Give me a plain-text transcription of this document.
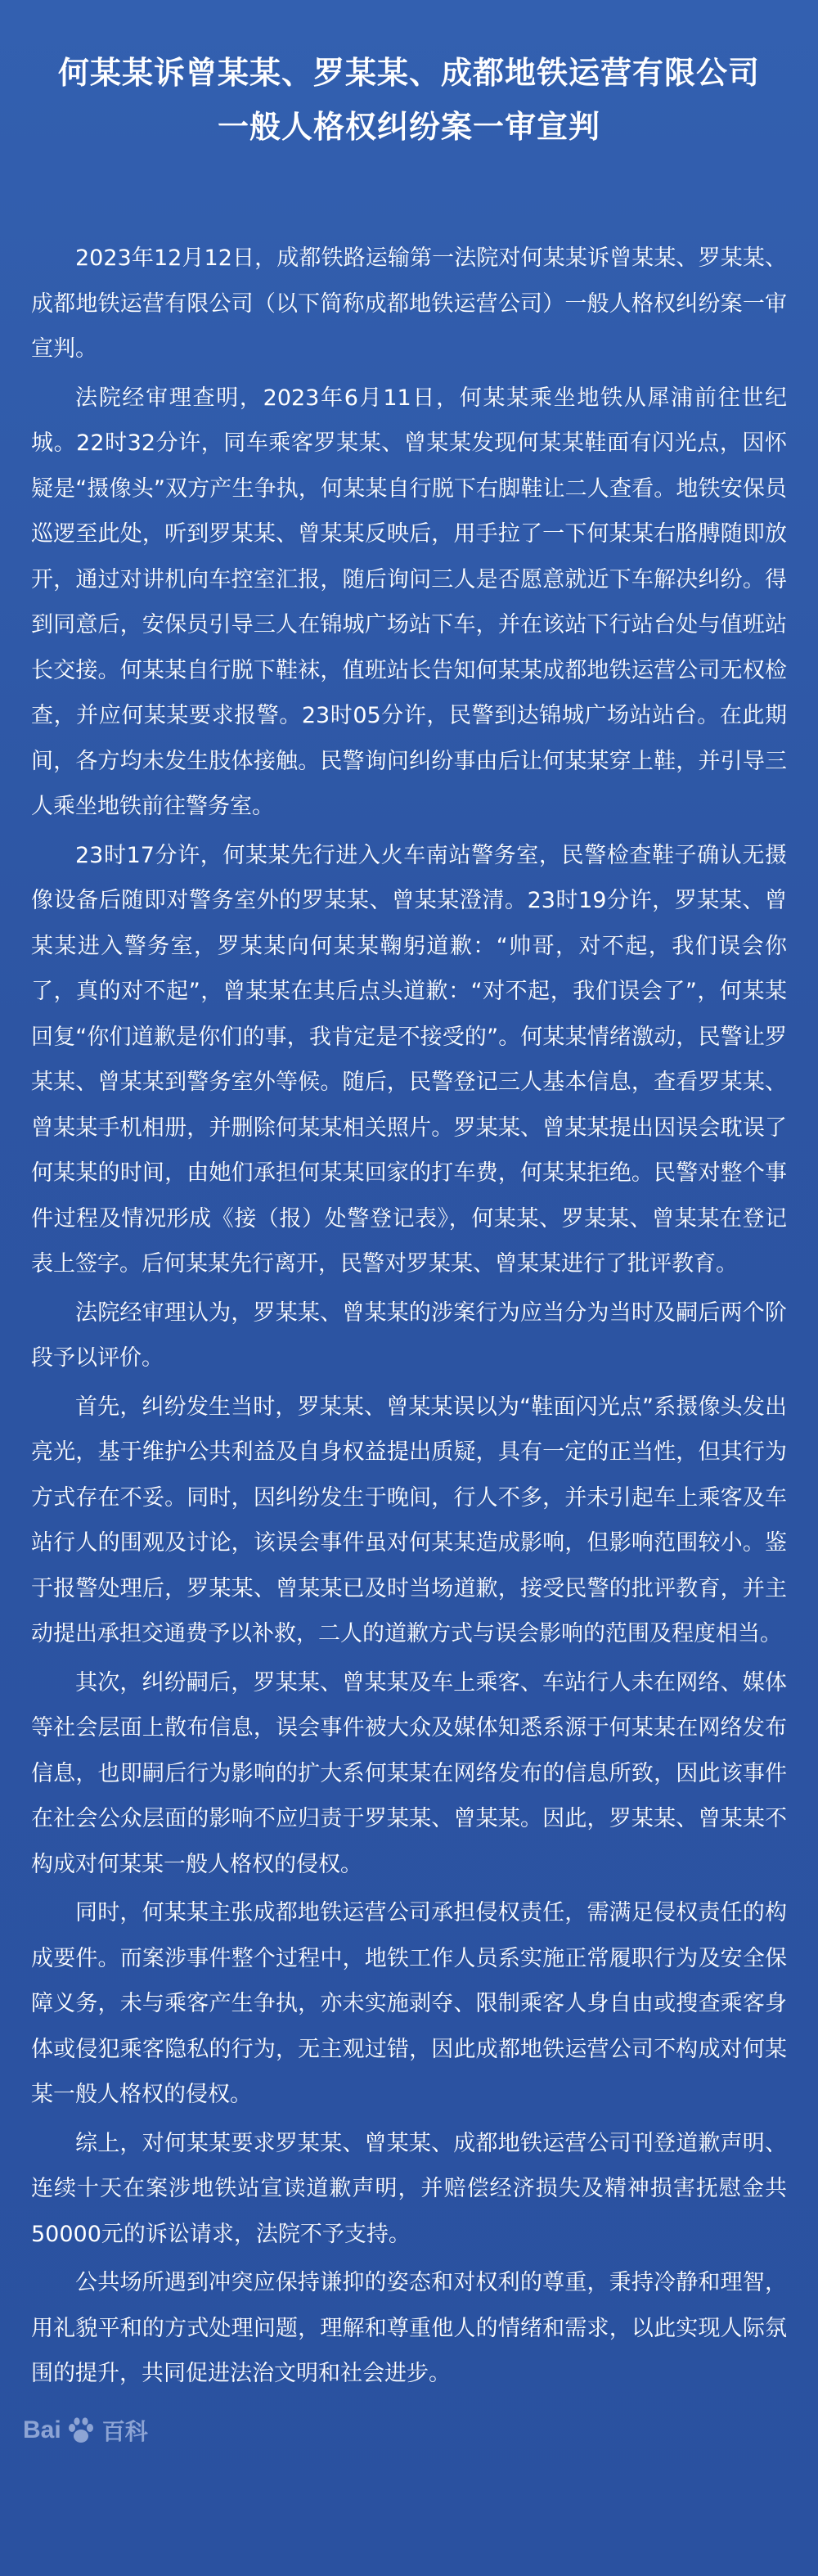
何某某诉曾某某、罗某某、成都地铁运营有限公司
一般人格权纠纷案一审宣判

2023年12月12日，成都铁路运输第一法院对何某某诉曾某某、罗某某、成都地铁运营有限公司（以下简称成都地铁运营公司）一般人格权纠纷案一审宣判。

法院经审理查明，2023年6月11日，何某某乘坐地铁从犀浦前往世纪城。22时32分许，同车乘客罗某某、曾某某发现何某某鞋面有闪光点，因怀疑是“摄像头”双方产生争执，何某某自行脱下右脚鞋让二人查看。地铁安保员巡逻至此处，听到罗某某、曾某某反映后，用手拉了一下何某某右胳膊随即放开，通过对讲机向车控室汇报，随后询问三人是否愿意就近下车解决纠纷。得到同意后，安保员引导三人在锦城广场站下车，并在该站下行站台处与值班站长交接。何某某自行脱下鞋袜，值班站长告知何某某成都地铁运营公司无权检查，并应何某某要求报警。23时05分许，民警到达锦城广场站站台。在此期间，各方均未发生肢体接触。民警询问纠纷事由后让何某某穿上鞋，并引导三人乘坐地铁前往警务室。

23时17分许，何某某先行进入火车南站警务室，民警检查鞋子确认无摄像设备后随即对警务室外的罗某某、曾某某澄清。23时19分许，罗某某、曾某某进入警务室，罗某某向何某某鞠躬道歉：“帅哥，对不起，我们误会你了，真的对不起”，曾某某在其后点头道歉：“对不起，我们误会了”，何某某回复“你们道歉是你们的事，我肯定是不接受的”。何某某情绪激动，民警让罗某某、曾某某到警务室外等候。随后，民警登记三人基本信息，查看罗某某、曾某某手机相册，并删除何某某相关照片。罗某某、曾某某提出因误会耽误了何某某的时间，由她们承担何某某回家的打车费，何某某拒绝。民警对整个事件过程及情况形成《接（报）处警登记表》，何某某、罗某某、曾某某在登记表上签字。后何某某先行离开，民警对罗某某、曾某某进行了批评教育。

法院经审理认为，罗某某、曾某某的涉案行为应当分为当时及嗣后两个阶段予以评价。

首先，纠纷发生当时，罗某某、曾某某误以为“鞋面闪光点”系摄像头发出亮光，基于维护公共利益及自身权益提出质疑，具有一定的正当性，但其行为方式存在不妥。同时，因纠纷发生于晚间，行人不多，并未引起车上乘客及车站行人的围观及讨论，该误会事件虽对何某某造成影响，但影响范围较小。鉴于报警处理后，罗某某、曾某某已及时当场道歉，接受民警的批评教育，并主动提出承担交通费予以补救，二人的道歉方式与误会影响的范围及程度相当。

其次，纠纷嗣后，罗某某、曾某某及车上乘客、车站行人未在网络、媒体等社会层面上散布信息，误会事件被大众及媒体知悉系源于何某某在网络发布信息，也即嗣后行为影响的扩大系何某某在网络发布的信息所致，因此该事件在社会公众层面的影响不应归责于罗某某、曾某某。因此，罗某某、曾某某不构成对何某某一般人格权的侵权。

同时，何某某主张成都地铁运营公司承担侵权责任，需满足侵权责任的构成要件。而案涉事件整个过程中，地铁工作人员系实施正常履职行为及安全保障义务，未与乘客产生争执，亦未实施剥夺、限制乘客人身自由或搜查乘客身体或侵犯乘客隐私的行为，无主观过错，因此成都地铁运营公司不构成对何某某一般人格权的侵权。

综上，对何某某要求罗某某、曾某某、成都地铁运营公司刊登道歉声明、连续十天在案涉地铁站宣读道歉声明，并赔偿经济损失及精神损害抚慰金共50000元的诉讼请求，法院不予支持。

公共场所遇到冲突应保持谦抑的姿态和对权利的尊重，秉持冷静和理智，用礼貌平和的方式处理问题，理解和尊重他人的情绪和需求，以此实现人际氛围的提升，共同促进法治文明和社会进步。

Bai 百科
